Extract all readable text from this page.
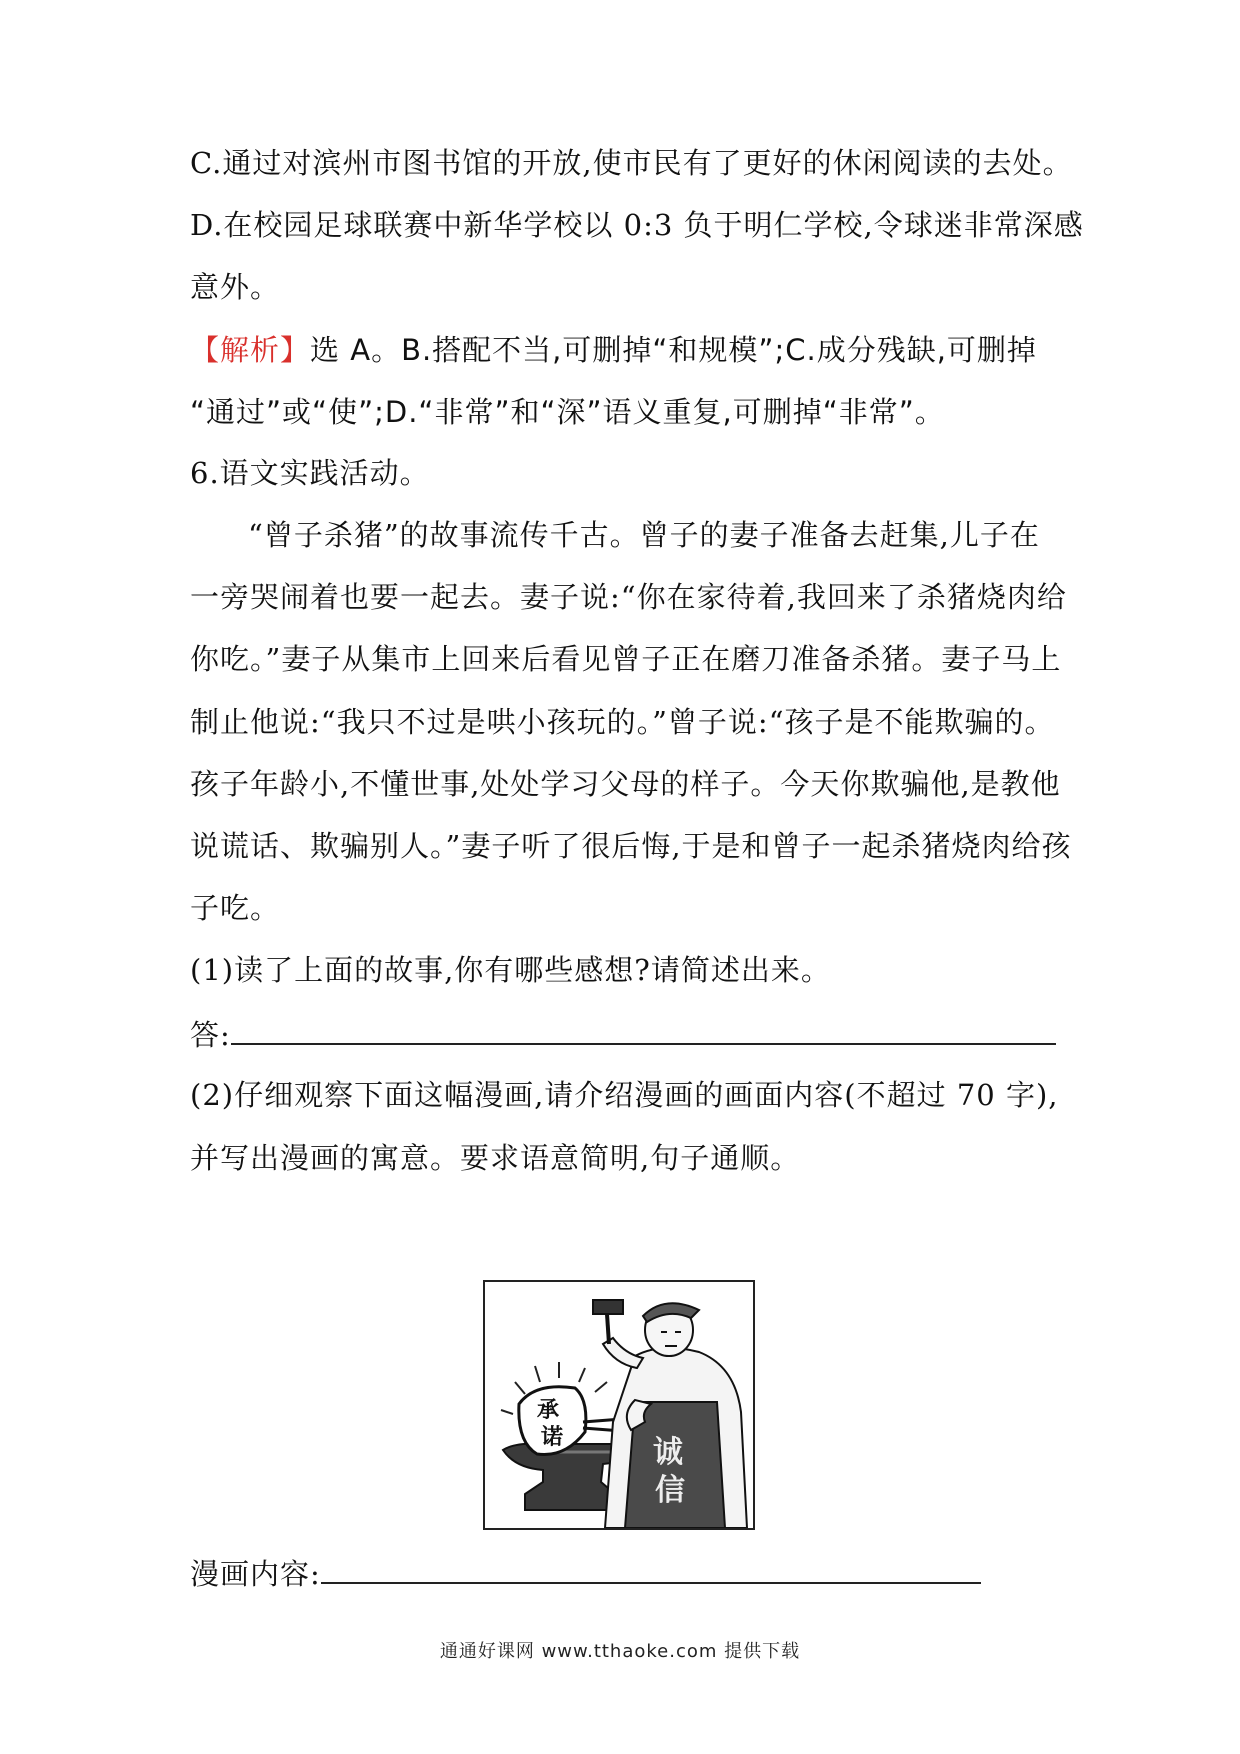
C.通过对滨州市图书馆的开放,使市民有了更好的休闲阅读的去处。
D.在校园足球联赛中新华学校以 0:3 负于明仁学校,令球迷非常深感
意外。
【解析】选 A。B.搭配不当,可删掉“和规模”;C.成分残缺,可删掉
“通过”或“使”;D.“非常”和“深”语义重复,可删掉“非常”。
6.语文实践活动。
“曾子杀猪”的故事流传千古。曾子的妻子准备去赶集,儿子在
一旁哭闹着也要一起去。妻子说:“你在家待着,我回来了杀猪烧肉给
你吃。”妻子从集市上回来后看见曾子正在磨刀准备杀猪。妻子马上
制止他说:“我只不过是哄小孩玩的。”曾子说:“孩子是不能欺骗的。
孩子年龄小,不懂世事,处处学习父母的样子。今天你欺骗他,是教他
说谎话、欺骗别人。”妻子听了很后悔,于是和曾子一起杀猪烧肉给孩
子吃。
(1)读了上面的故事,你有哪些感想?请简述出来。
答:
(2)仔细观察下面这幅漫画,请介绍漫画的画面内容(不超过 70 字),
并写出漫画的寓意。要求语意简明,句子通顺。
承
诺	诚
信
漫画内容:
通通好课网 www.tthaoke.com 提供下载
